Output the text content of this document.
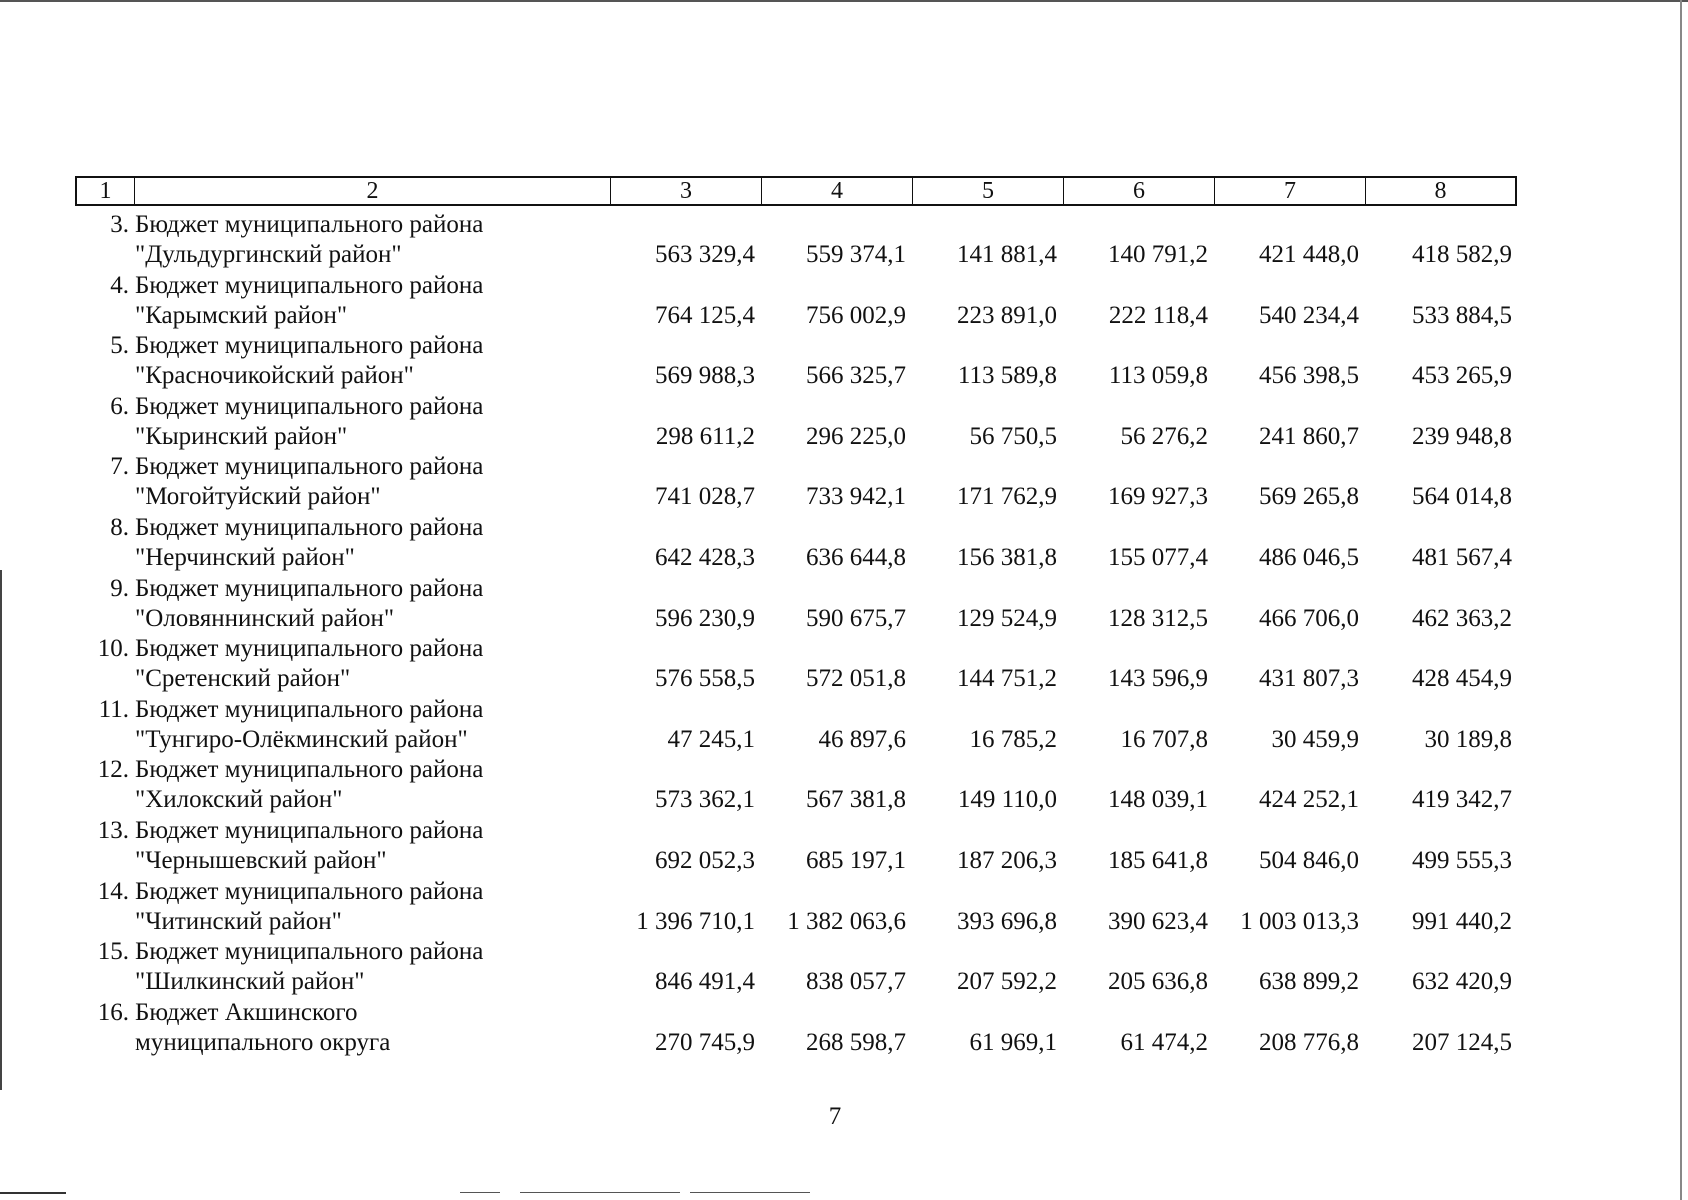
1	2	3	4	5	6	7	8
3. Бюджет муниципального района
"Дульдургинский район"	563 329,4	559 374,1	141 881,4	140 791,2	421 448,0	418 582,9
4. Бюджет муниципального района
"Карымский район"	764 125,4	756 002,9	223 891,0	222 118,4	540 234,4	533 884,5
5. Бюджет муниципального района
"Красночикойский район"	569 988,3	566 325,7	113 589,8	113 059,8	456 398,5	453 265,9
6. Бюджет муниципального района
"Кыринский район"	298 611,2	296 225,0	56 750,5	56 276,2	241 860,7	239 948,8
7. Бюджет муниципального района
"Могойтуйский район"	741 028,7	733 942,1	171 762,9	169 927,3	569 265,8	564 014,8
8. Бюджет муниципального района
"Нерчинский район"	642 428,3	636 644,8	156 381,8	155 077,4	486 046,5	481 567,4
9. Бюджет муниципального района
"Оловяннинский район"	596 230,9	590 675,7	129 524,9	128 312,5	466 706,0	462 363,2
10. Бюджет муниципального района
"Сретенский район"	576 558,5	572 051,8	144 751,2	143 596,9	431 807,3	428 454,9
11. Бюджет муниципального района
"Тунгиро-Олёкминский район"	47 245,1	46 897,6	16 785,2	16 707,8	30 459,9	30 189,8
12. Бюджет муниципального района
"Хилокский район"	573 362,1	567 381,8	149 110,0	148 039,1	424 252,1	419 342,7
13. Бюджет муниципального района
"Чернышевский район"	692 052,3	685 197,1	187 206,3	185 641,8	504 846,0	499 555,3
14. Бюджет муниципального района
"Читинский район"	1 396 710,1	1 382 063,6	393 696,8	390 623,4	1 003 013,3	991 440,2
15. Бюджет муниципального района
"Шилкинский район"	846 491,4	838 057,7	207 592,2	205 636,8	638 899,2	632 420,9
16. Бюджет Акшинского
муниципального округа	270 745,9	268 598,7	61 969,1	61 474,2	208 776,8	207 124,5
7
